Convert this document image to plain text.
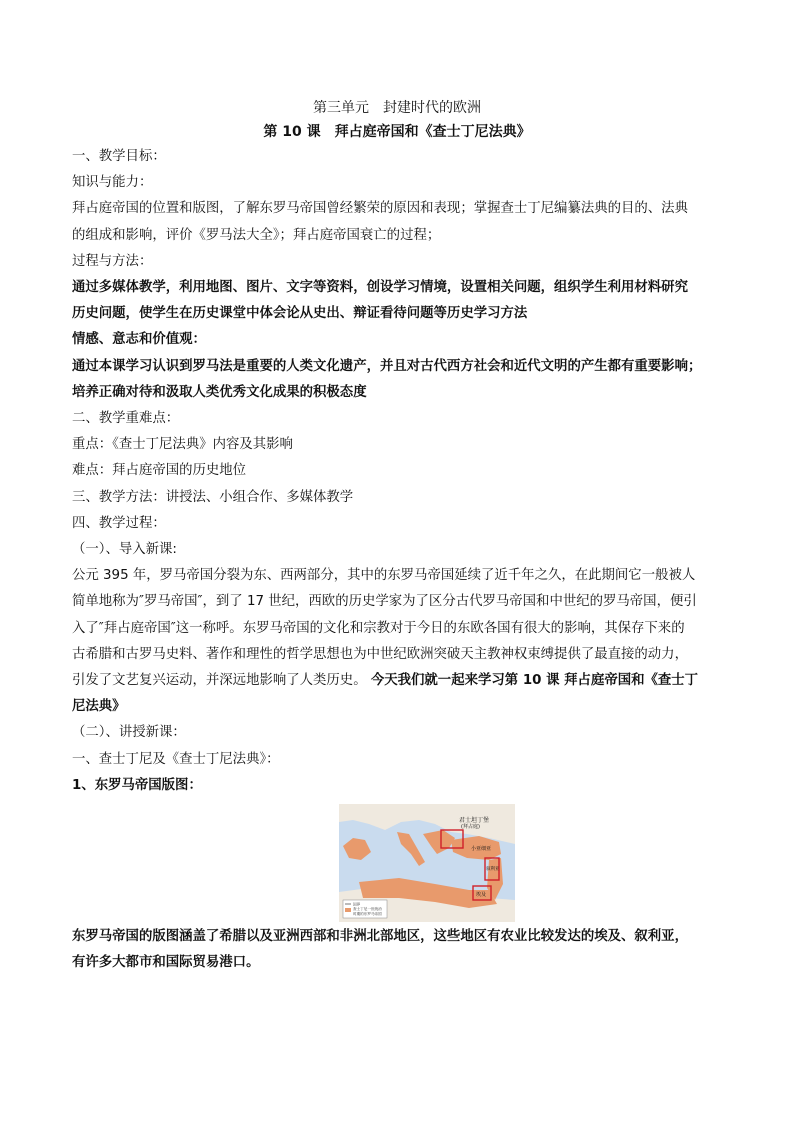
第三单元　封建时代的欧洲
第 10 课　拜占庭帝国和《查士丁尼法典》

一、教学目标：

知识与能力：

拜占庭帝国的位置和版图，了解东罗马帝国曾经繁荣的原因和表现；掌握查士丁尼编纂法典的目的、法典

的组成和影响，评价《罗马法大全》；拜占庭帝国衰亡的过程；

过程与方法：

通过多媒体教学，利用地图、图片、文字等资料，创设学习情境，设置相关问题，组织学生利用材料研究

历史问题，使学生在历史课堂中体会论从史出、辩证看待问题等历史学习方法

情感、意志和价值观：

通过本课学习认识到罗马法是重要的人类文化遗产，并且对古代西方社会和近代文明的产生都有重要影响；

培养正确对待和汲取人类优秀文化成果的积极态度

二、教学重难点：

重点：《查士丁尼法典》内容及其影响

难点：拜占庭帝国的历史地位

三、教学方法：讲授法、小组合作、多媒体教学

四、教学过程：

（一）、导入新课:

公元 395 年，罗马帝国分裂为东、西两部分，其中的东罗马帝国延续了近千年之久，在此期间它一般被人

简单地称为″罗马帝国″，到了 17 世纪，西欧的历史学家为了区分古代罗马帝国和中世纪的罗马帝国，便引

入了″拜占庭帝国″这一称呼。东罗马帝国的文化和宗教对于今日的东欧各国有很大的影响，其保存下来的

古希腊和古罗马史料、著作和理性的哲学思想也为中世纪欧洲突破天主教神权束缚提供了最直接的动力，

引发了文艺复兴运动，并深远地影响了人类历史。 今天我们就一起来学习第 10 课 拜占庭帝国和《查士丁

尼法典》

（二）、讲授新课：

一、查士丁尼及《查士丁尼法典》：

1、东罗马帝国版图：

君士坦丁堡
(拜占庭)
小亚细亚
叙利亚
埃及
国界
查士丁尼一世统治
时期的东罗马帝国

东罗马帝国的版图涵盖了希腊以及亚洲西部和非洲北部地区，这些地区有农业比较发达的埃及、叙利亚，

有许多大都市和国际贸易港口。
